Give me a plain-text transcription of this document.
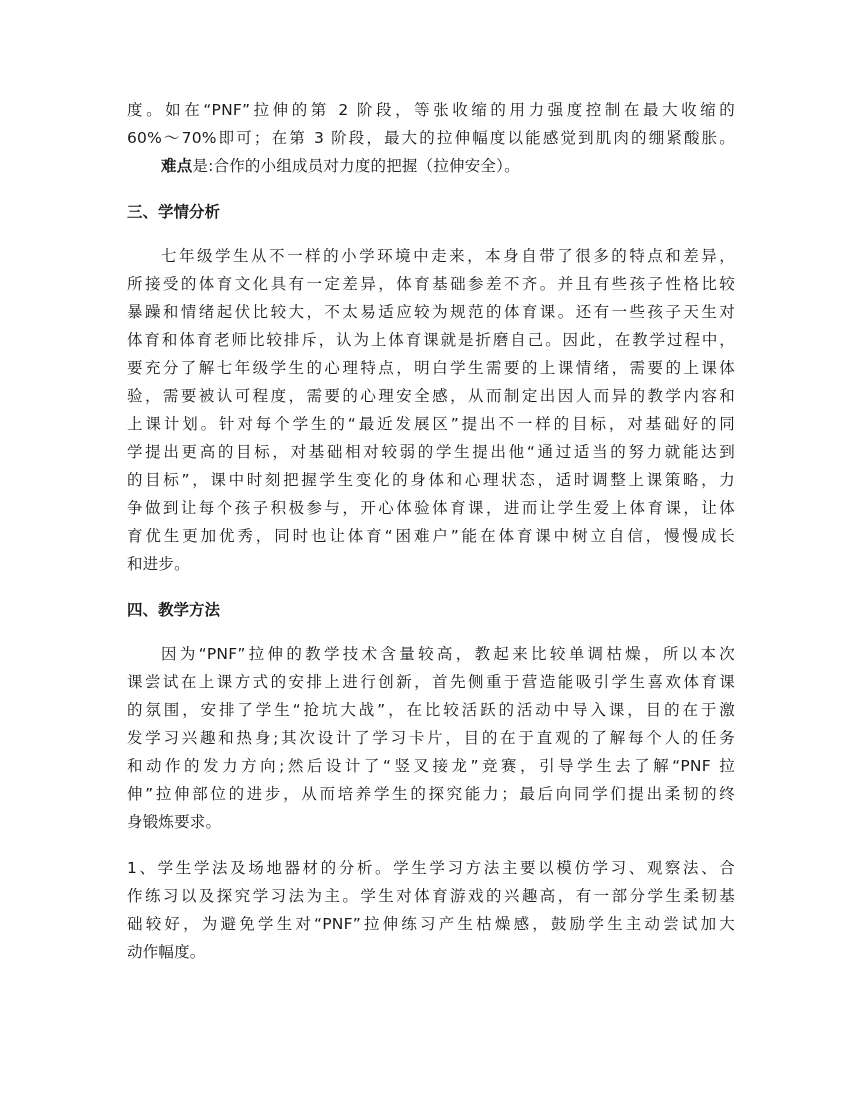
度。如在“PNF”拉伸的第 2 阶段，等张收缩的用力强度控制在最大收缩的
60%～70%即可；在第 3 阶段，最大的拉伸幅度以能感觉到肌肉的绷紧酸胀。
难点是:合作的小组成员对力度的把握（拉伸安全）。
三、学情分析
七年级学生从不一样的小学环境中走来，本身自带了很多的特点和差异，
所接受的体育文化具有一定差异，体育基础参差不齐。并且有些孩子性格比较
暴躁和情绪起伏比较大，不太易适应较为规范的体育课。还有一些孩子天生对
体育和体育老师比较排斥，认为上体育课就是折磨自己。因此，在教学过程中，
要充分了解七年级学生的心理特点，明白学生需要的上课情绪，需要的上课体
验，需要被认可程度，需要的心理安全感，从而制定出因人而异的教学内容和
上课计划。针对每个学生的“最近发展区”提出不一样的目标，对基础好的同
学提出更高的目标，对基础相对较弱的学生提出他“通过适当的努力就能达到
的目标”，课中时刻把握学生变化的身体和心理状态，适时调整上课策略，力
争做到让每个孩子积极参与，开心体验体育课，进而让学生爱上体育课，让体
育优生更加优秀，同时也让体育“困难户”能在体育课中树立自信，慢慢成长
和进步。
四、教学方法
因为“PNF”拉伸的教学技术含量较高，教起来比较单调枯燥，所以本次
课尝试在上课方式的安排上进行创新，首先侧重于营造能吸引学生喜欢体育课
的氛围，安排了学生“抢坑大战”，在比较活跃的活动中导入课，目的在于激
发学习兴趣和热身;其次设计了学习卡片，目的在于直观的了解每个人的任务
和动作的发力方向;然后设计了“竖叉接龙”竞赛，引导学生去了解“PNF 拉
伸”拉伸部位的进步，从而培养学生的探究能力；最后向同学们提出柔韧的终
身锻炼要求。
1、学生学法及场地器材的分析。学生学习方法主要以模仿学习、观察法、合
作练习以及探究学习法为主。学生对体育游戏的兴趣高，有一部分学生柔韧基
础较好，为避免学生对“PNF”拉伸练习产生枯燥感，鼓励学生主动尝试加大
动作幅度。
